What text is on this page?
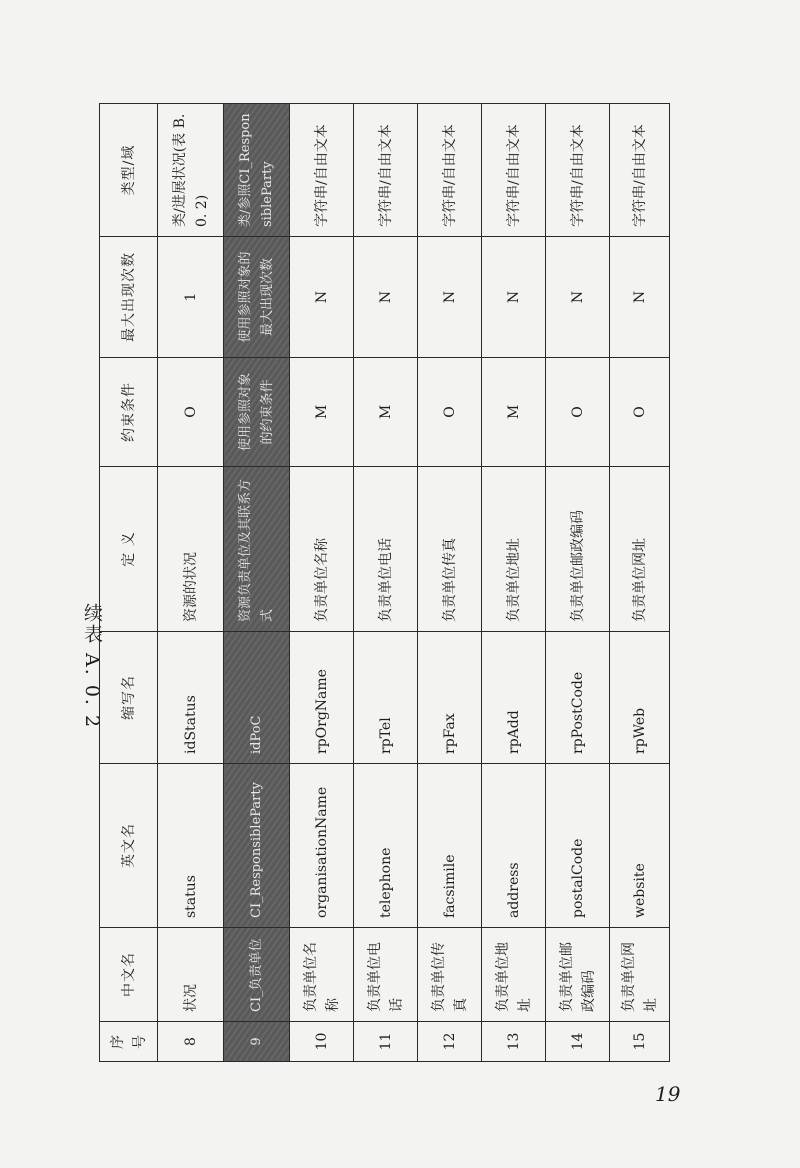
续表 A. 0. 2
序号	中文名	英文名	缩写名	定 义	约束条件	最大出现次数	类型/域
8	状况	status	idStatus	资源的状况	O	1	类/进展状况(表 B. 0. 2)
9	CI_负责单位	CI_ResponsibleParty	idPoC	资源负责单位及其联系方式	使用参照对象的约束条件	使用参照对象的最大出现次数	类/参照CI_ResponsibleParty
10	负责单位名称	organisationName	rpOrgName	负责单位名称	M	N	字符串/自由文本
11	负责单位电话	telephone	rpTel	负责单位电话	M	N	字符串/自由文本
12	负责单位传真	facsimile	rpFax	负责单位传真	O	N	字符串/自由文本
13	负责单位地址	address	rpAdd	负责单位地址	M	N	字符串/自由文本
14	负责单位邮政编码	postalCode	rpPostCode	负责单位邮政编码	O	N	字符串/自由文本
15	负责单位网址	website	rpWeb	负责单位网址	O	N	字符串/自由文本
19
